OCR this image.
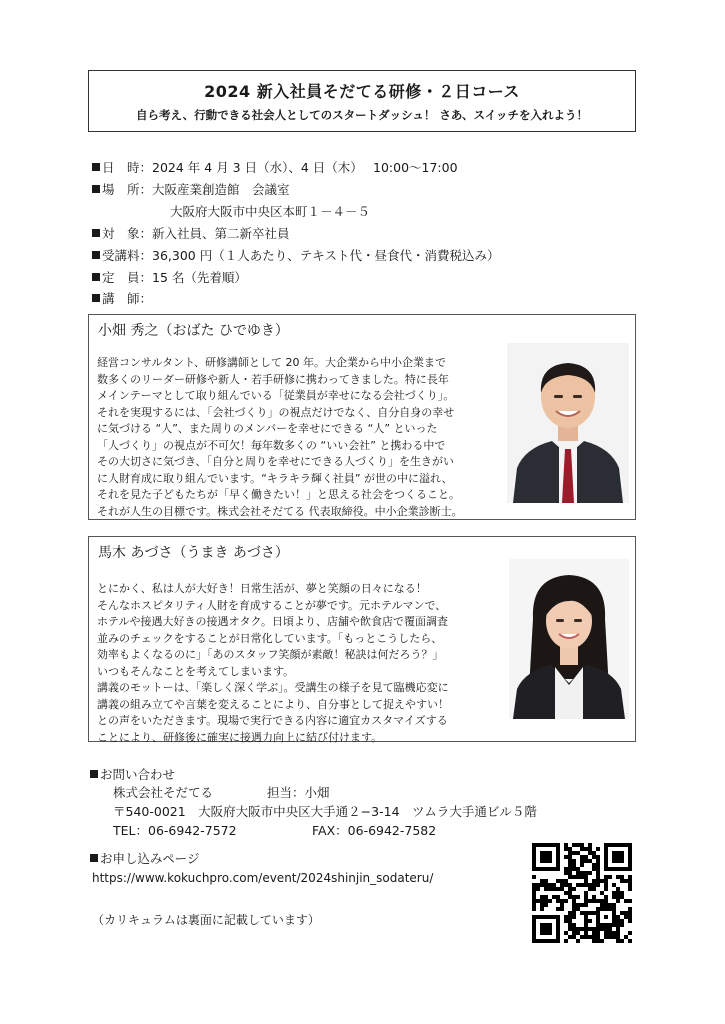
2024 新入社員そだてる研修・２日コース
自ら考え、行動できる社会人としてのスタートダッシュ！ さあ、スイッチを入れよう！
日　時：2024 年 4 月 3 日（水）、4 日（木）　 10:00〜17:00
場　所：大阪産業創造館　会議室
大阪府大阪市中央区本町１－４－５
対　象：新入社員、第二新卒社員
受講料：36,300 円（１人あたり、テキスト代・昼食代・消費税込み）
定　員：15 名（先着順）
講　師：
小畑 秀之（おばた ひでゆき）
経営コンサルタント、研修講師として 20 年。大企業から中小企業まで
数多くのリーダー研修や新人・若手研修に携わってきました。特に長年
メインテーマとして取り組んでいる「従業員が幸せになる会社づくり」。
それを実現するには、「会社づくり」の視点だけでなく、自分自身の幸せ
に気づける “人”、また周りのメンバーを幸せにできる “人” といった
「人づくり」の視点が不可欠！毎年数多くの “いい会社” と携わる中で
その大切さに気づき、「自分と周りを幸せにできる人づくり」を生きがい
に人財育成に取り組んでいます。“キラキラ輝く社員” が世の中に溢れ、
それを見た子どもたちが「早く働きたい！」と思える社会をつくること。
それが人生の目標です。株式会社そだてる 代表取締役。中小企業診断士。
馬木 あづさ（うまき あづさ）
とにかく、私は人が大好き！日常生活が、夢と笑顔の日々になる！
そんなホスピタリティ人財を育成することが夢です。元ホテルマンで、
ホテルや接遇大好きの接遇オタク。日頃より、店舗や飲食店で覆面調査
並みのチェックをすることが日常化しています。「もっとこうしたら、
効率もよくなるのに」「あのスタッフ笑顔が素敵！秘訣は何だろう？」
いつもそんなことを考えてしまいます。
講義のモットーは、「楽しく深く学ぶ」。受講生の様子を見て臨機応変に
講義の組み立てや言葉を変えることにより、自分事として捉えやすい！
との声をいただきます。現場で実行できる内容に適宜カスタマイズする
ことにより、研修後に確実に接遇力向上に結び付けます。
お問い合わせ
株式会社そだてる	担当：小畑
〒540-0021　大阪府大阪市中央区大手通２−3-14　ツムラ大手通ビル５階
TEL：06-6942-7572	FAX：06-6942-7582
お申し込みページ
https://www.kokuchpro.com/event/2024shinjin_sodateru/
（カリキュラムは裏面に記載しています）
